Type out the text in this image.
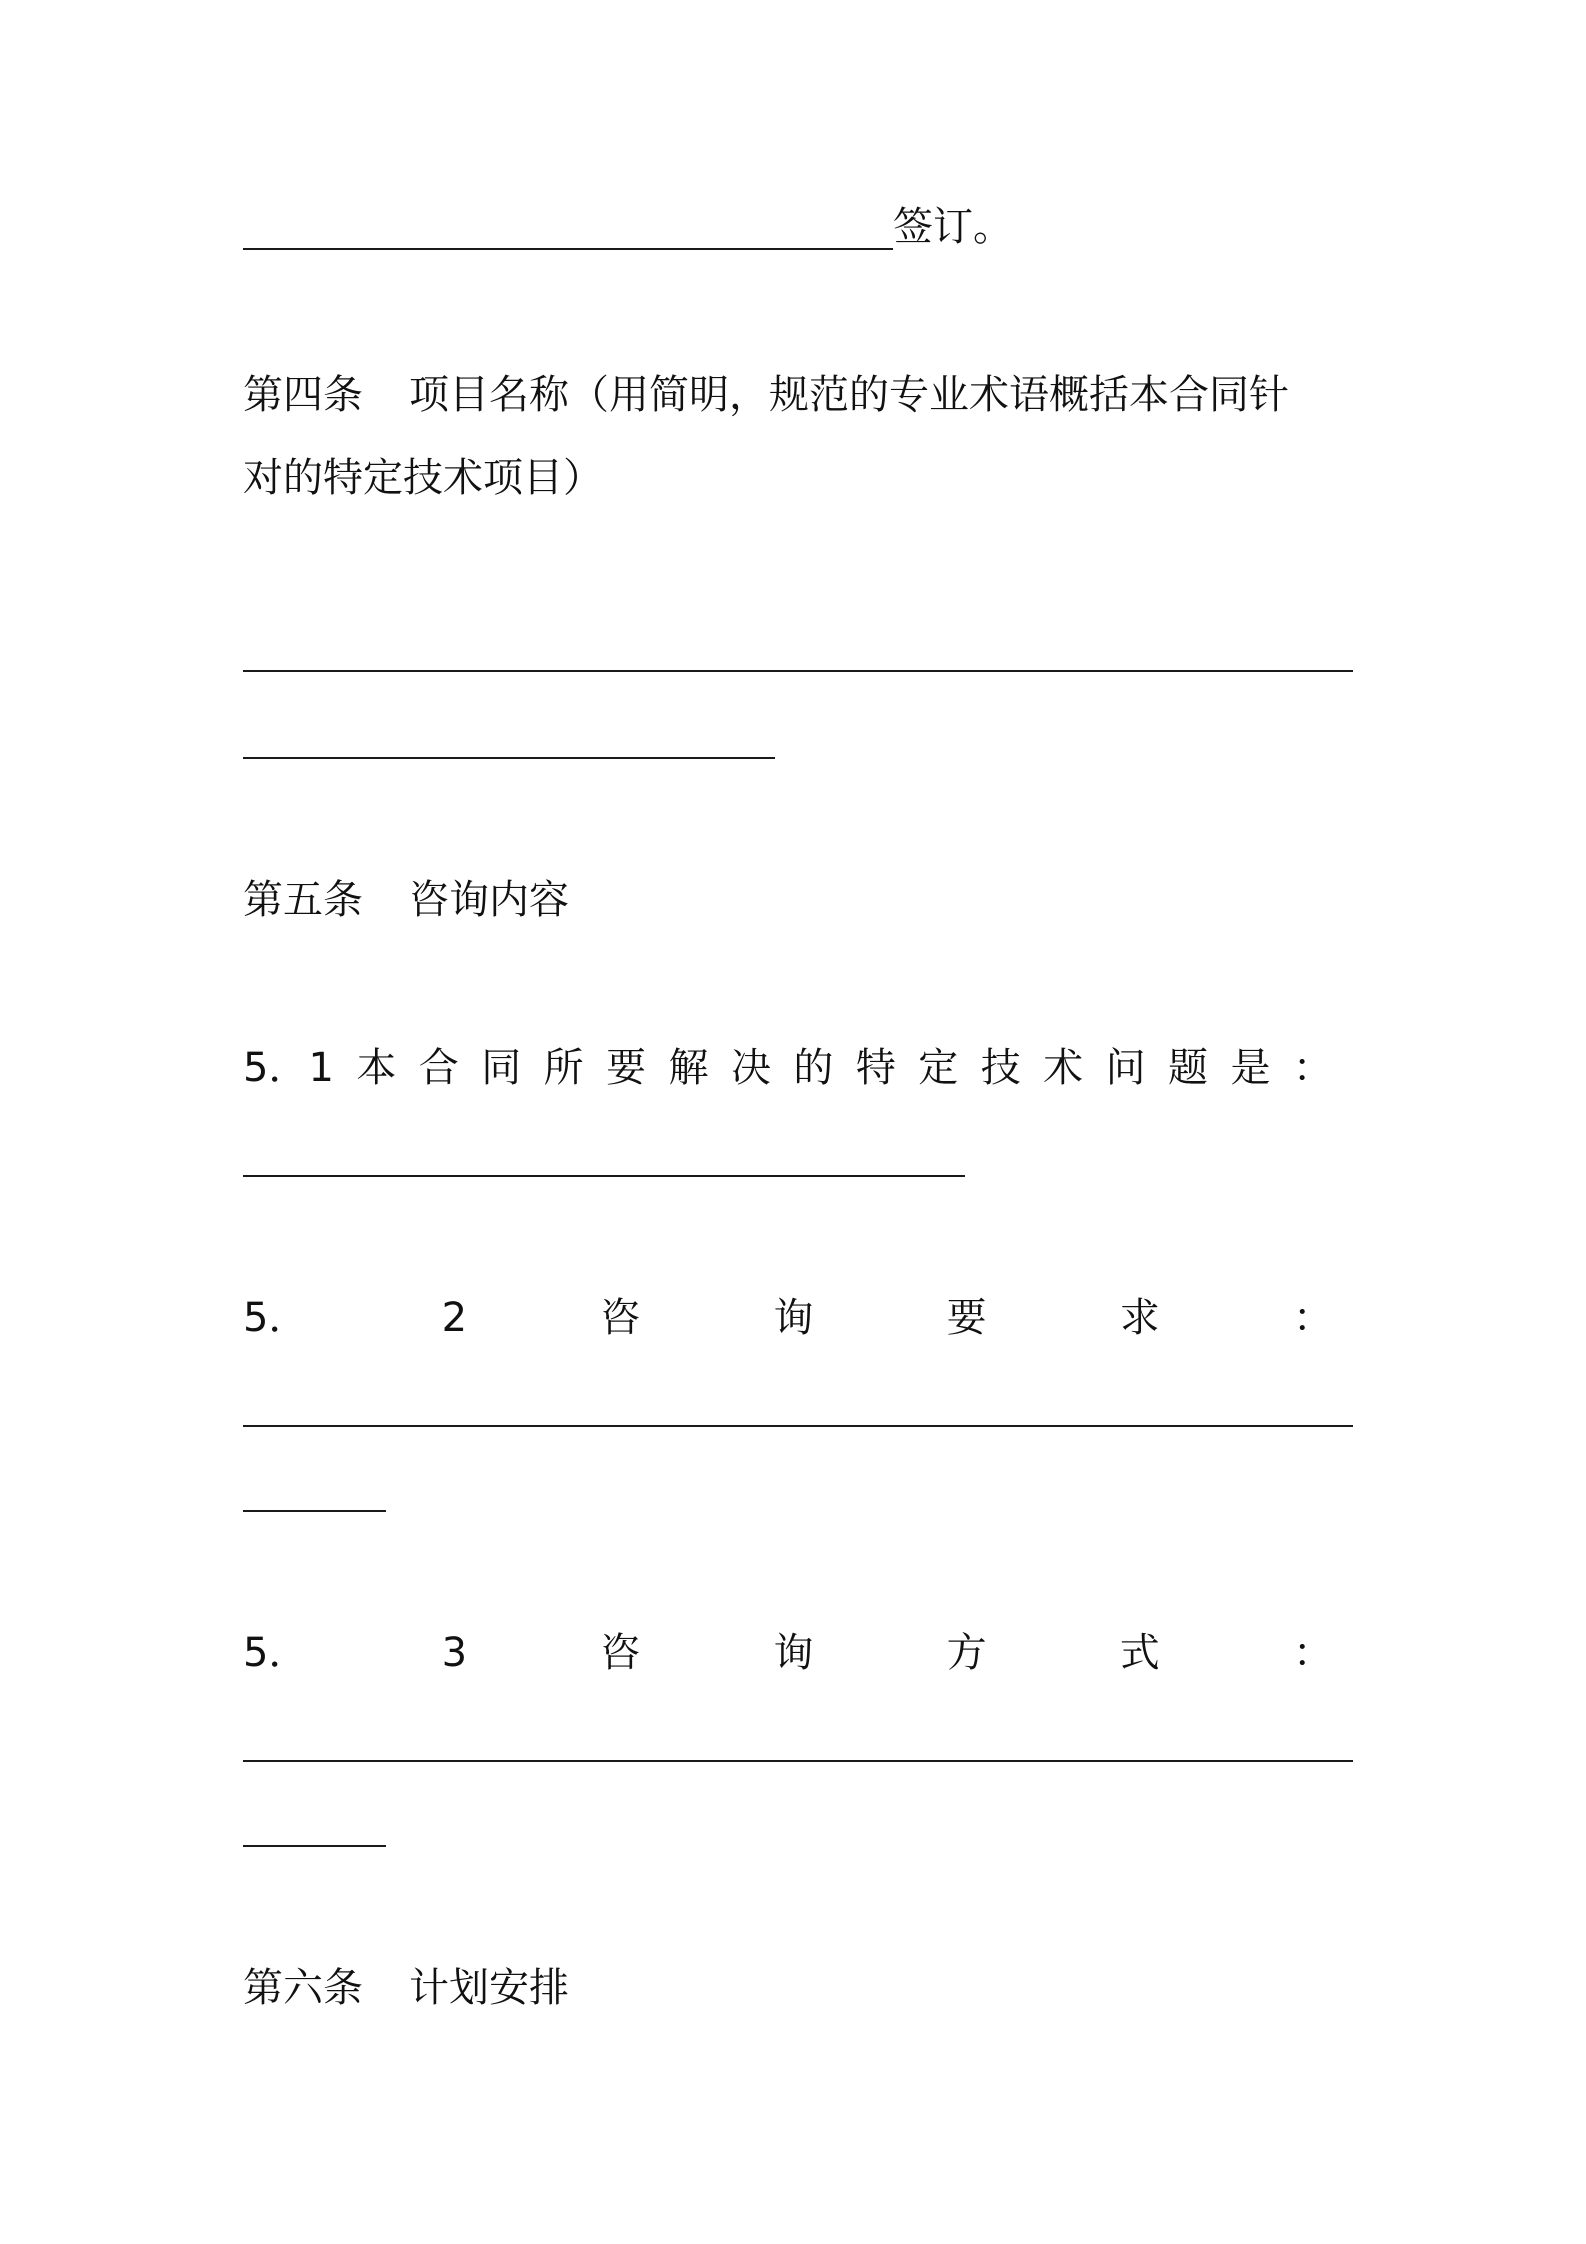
签订。
第四条 项目名称（用简明，规范的专业术语概括本合同针
对的特定技术项目）
第五条 咨询内容
5．1 本 合 同 所 要 解 决 的 特 定 技 术 问 题 是 ：
5．	2	咨	询	要	求	：
5．	3	咨	询	方	式	：
第六条 计划安排
